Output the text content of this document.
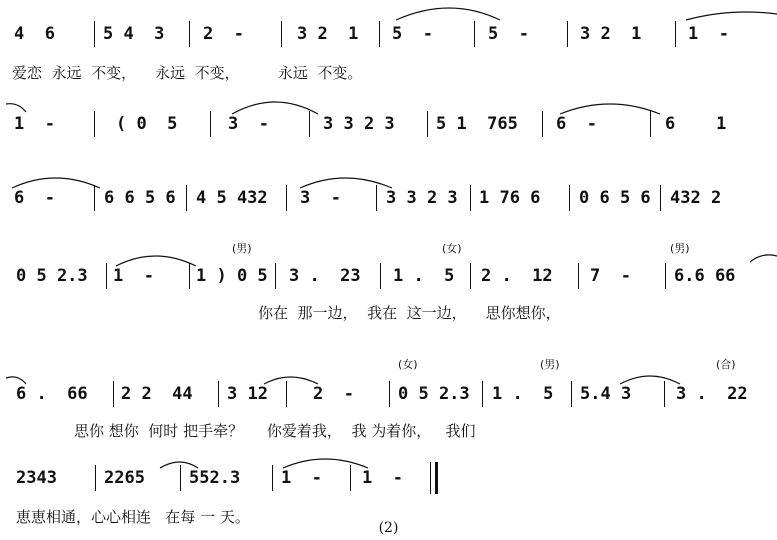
4  6	5 4  3 2  -	3 2  1 5  -	5  -	3 2  1	1  -
爱恋  永远  不变，    永远  不变，        永远  不变。
1  -	( 0  5	3  -	3 3 2 3 5 1  765 6  -	6    1
6  -	6 6 5 6 4 5 432 3  -	3 3 2 3 1 76 6 0 6 5 6 432 2
(男)	(女)	(男)
0 5 2.3 1  - 1 ) 0 5 3 .  23 1 .  5 2 .  12 7  -	6.6 66
你在  那一边，  我在  这一边，    思你想你，
(女)	(男)	(合)
6 .  66 2 2  44 3 12	2  -	0 5 2.3 1 .  5 5.4 3	3 .  22
思你 想你  何时 把手牵？     你爱着我，  我 为着你，   我们
2343	2265	552.3 1  - 1  -
恵恵相通，心心相连   在每 一 天。
(2)
